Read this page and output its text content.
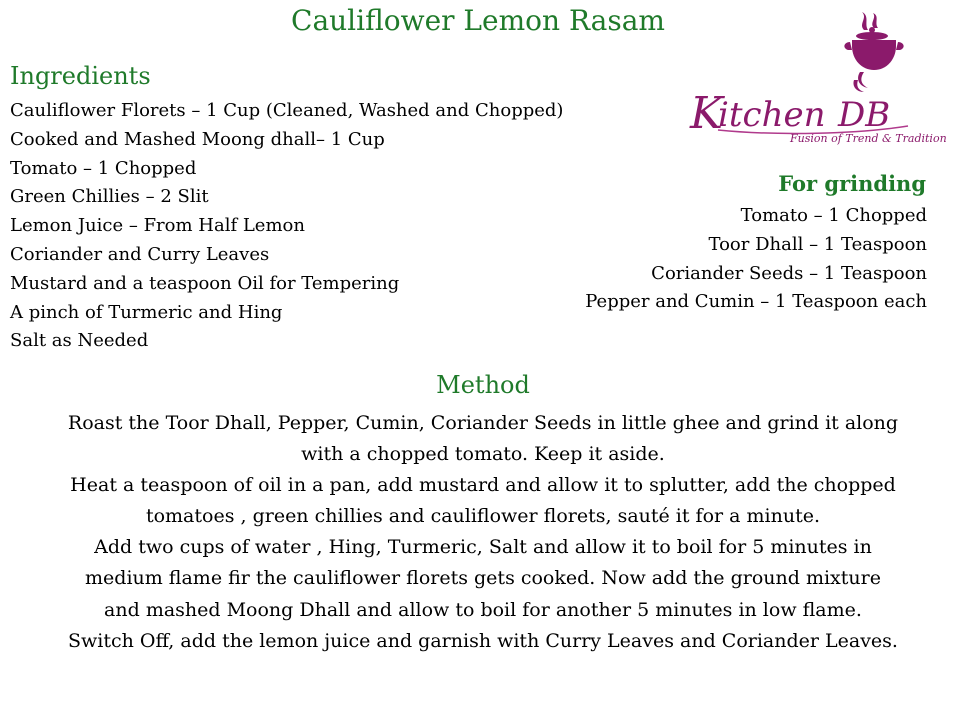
Cauliflower Lemon Rasam
Ingredients
Cauliflower Florets – 1 Cup (Cleaned, Washed and Chopped)
Cooked and Mashed Moong dhall– 1 Cup
Tomato – 1 Chopped
Green Chillies – 2 Slit
Lemon Juice – From Half Lemon
Coriander and Curry Leaves
Mustard and a teaspoon Oil for Tempering
A pinch of Turmeric and Hing
Salt as Needed
K
itchen DB
Fusion of Trend & Tradition
For grinding
Tomato – 1 Chopped
Toor Dhall – 1 Teaspoon
Coriander Seeds – 1 Teaspoon
Pepper and Cumin – 1 Teaspoon each
Method
Roast the Toor Dhall, Pepper, Cumin, Coriander Seeds in little ghee and grind it along
with a chopped tomato. Keep it aside.
Heat a teaspoon of oil in a pan, add mustard and allow it to splutter, add the chopped
tomatoes , green chillies and cauliflower florets, sauté it for a minute.
Add two cups of water , Hing, Turmeric, Salt and allow it to boil for 5 minutes in
medium flame fir the cauliflower florets gets cooked. Now add the ground mixture
and mashed Moong Dhall and allow to boil for another 5 minutes in low flame.
Switch Off, add the lemon juice and garnish with Curry Leaves and Coriander Leaves.
